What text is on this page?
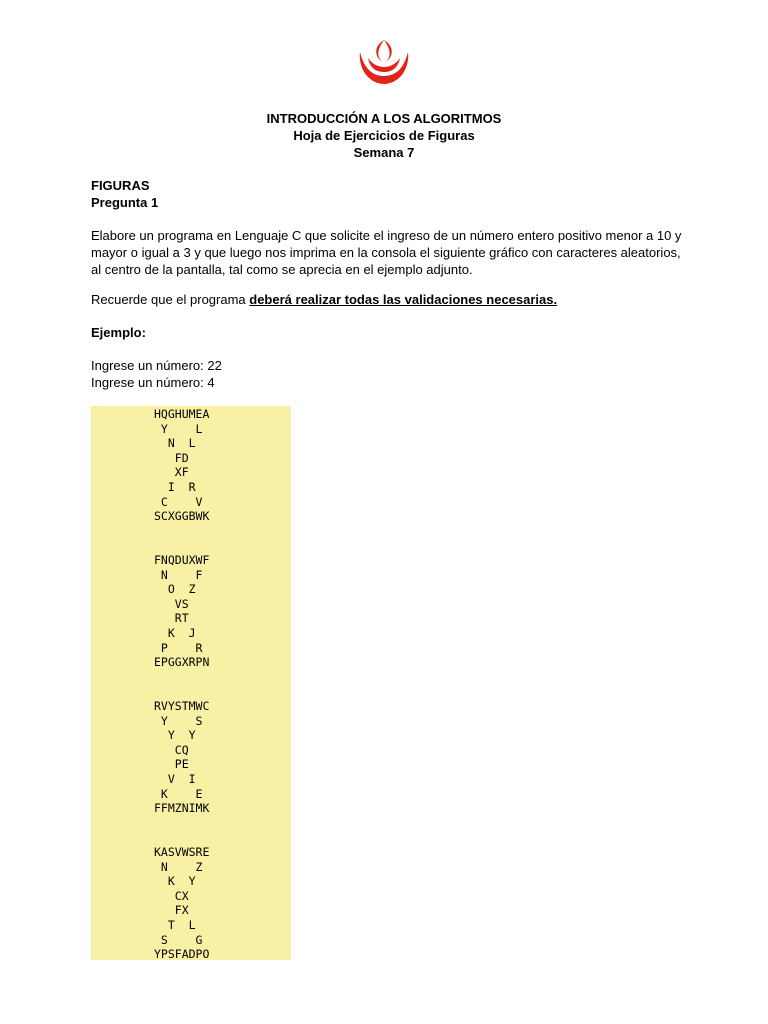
INTRODUCCIÓN A LOS ALGORITMOS
Hoja de Ejercicios de Figuras
Semana 7
FIGURAS
Pregunta 1
Elabore un programa en Lenguaje C que solicite el ingreso de un número entero positivo menor a 10 y
mayor o igual a 3 y que luego nos imprima en la consola el siguiente gráfico con caracteres aleatorios,
al centro de la pantalla, tal como se aprecia en el ejemplo adjunto.
Recuerde que el programa deberá realizar todas las validaciones necesarias.
Ejemplo:
Ingrese un número: 22
Ingrese un número: 4
HQGHUMEA
Y    L
N  L
FD
XF
I  R
C    V
SCXGGBWK
FNQDUXWF
N    F
O  Z
VS
RT
K  J
P    R
EPGGXRPN
RVYSTMWC
Y    S
Y  Y
CQ
PE
V  I
K    E
FFMZNIMK
KASVWSRE
N    Z
K  Y
CX
FX
T  L
S    G
YPSFADPO
